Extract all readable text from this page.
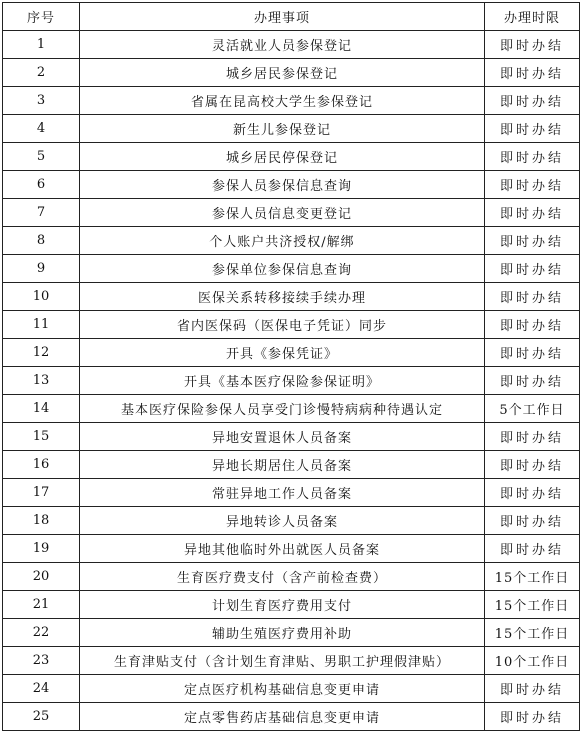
序号	办理事项	办理时限
1	灵活就业人员参保登记	即时办结
2	城乡居民参保登记	即时办结
3	省属在昆高校大学生参保登记	即时办结
4	新生儿参保登记	即时办结
5	城乡居民停保登记	即时办结
6	参保人员参保信息查询	即时办结
7	参保人员信息变更登记	即时办结
8	个人账户共济授权/解绑	即时办结
9	参保单位参保信息查询	即时办结
10	医保关系转移接续手续办理	即时办结
11	省内医保码（医保电子凭证）同步	即时办结
12	开具《参保凭证》	即时办结
13	开具《基本医疗保险参保证明》	即时办结
14	基本医疗保险参保人员享受门诊慢特病病种待遇认定	5个工作日
15	异地安置退休人员备案	即时办结
16	异地长期居住人员备案	即时办结
17	常驻异地工作人员备案	即时办结
18	异地转诊人员备案	即时办结
19	异地其他临时外出就医人员备案	即时办结
20	生育医疗费支付（含产前检查费）	15个工作日
21	计划生育医疗费用支付	15个工作日
22	辅助生殖医疗费用补助	15个工作日
23	生育津贴支付（含计划生育津贴、男职工护理假津贴）	10个工作日
24	定点医疗机构基础信息变更申请	即时办结
25	定点零售药店基础信息变更申请	即时办结
